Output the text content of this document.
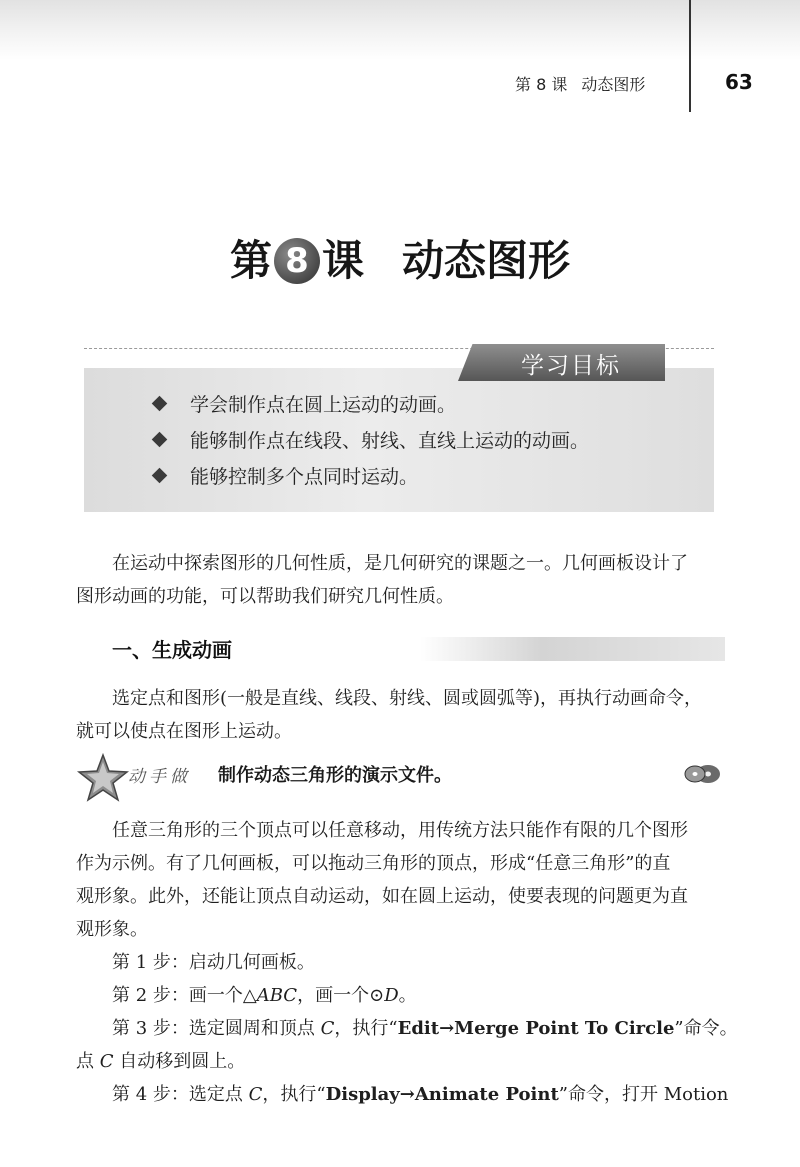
第 8 课 动态图形	63
第 8 课 动态图形
学习目标
学会制作点在圆上运动的动画。
能够制作点在线段、射线、直线上运动的动画。
能够控制多个点同时运动。
在运动中探索图形的几何性质，是几何研究的课题之一。几何画板设计了
图形动画的功能，可以帮助我们研究几何性质。
一、生成动画
选定点和图形(一般是直线、线段、射线、圆或圆弧等)，再执行动画命令，
就可以使点在图形上运动。
动手做 制作动态三角形的演示文件。
任意三角形的三个顶点可以任意移动，用传统方法只能作有限的几个图形
作为示例。有了几何画板，可以拖动三角形的顶点，形成“任意三角形”的直
观形象。此外，还能让顶点自动运动，如在圆上运动，使要表现的问题更为直
观形象。
第 1 步：启动几何画板。
第 2 步：画一个△ABC，画一个⊙D。
第 3 步：选定圆周和顶点 C，执行“Edit→Merge Point To Circle”命令。
点 C 自动移到圆上。
第 4 步：选定点 C，执行“Display→Animate Point”命令，打开 Motion
